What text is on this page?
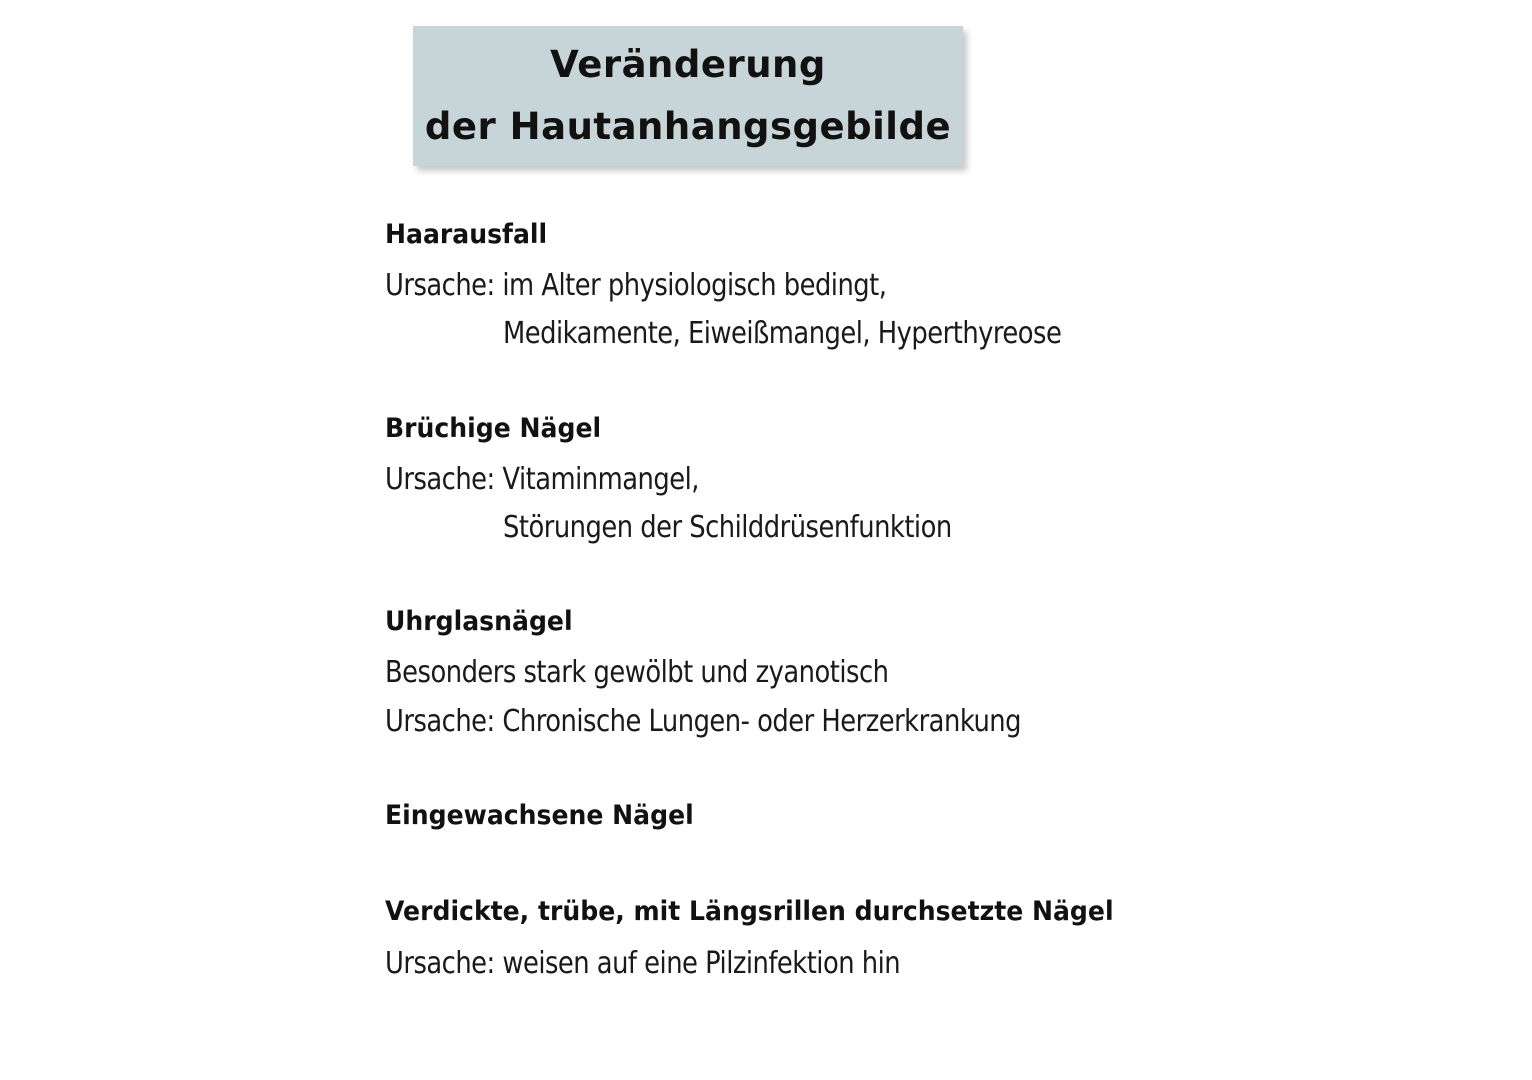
Veränderung
der Hautanhangsgebilde
Haarausfall
Ursache: im Alter physiologisch bedingt,
Medikamente, Eiweißmangel, Hyperthyreose
Brüchige Nägel
Ursache: Vitaminmangel,
Störungen der Schilddrüsenfunktion
Uhrglasnägel
Besonders stark gewölbt und zyanotisch
Ursache: Chronische Lungen- oder Herzerkrankung
Eingewachsene Nägel
Verdickte, trübe, mit Längsrillen durchsetzte Nägel
Ursache: weisen auf eine Pilzinfektion hin
